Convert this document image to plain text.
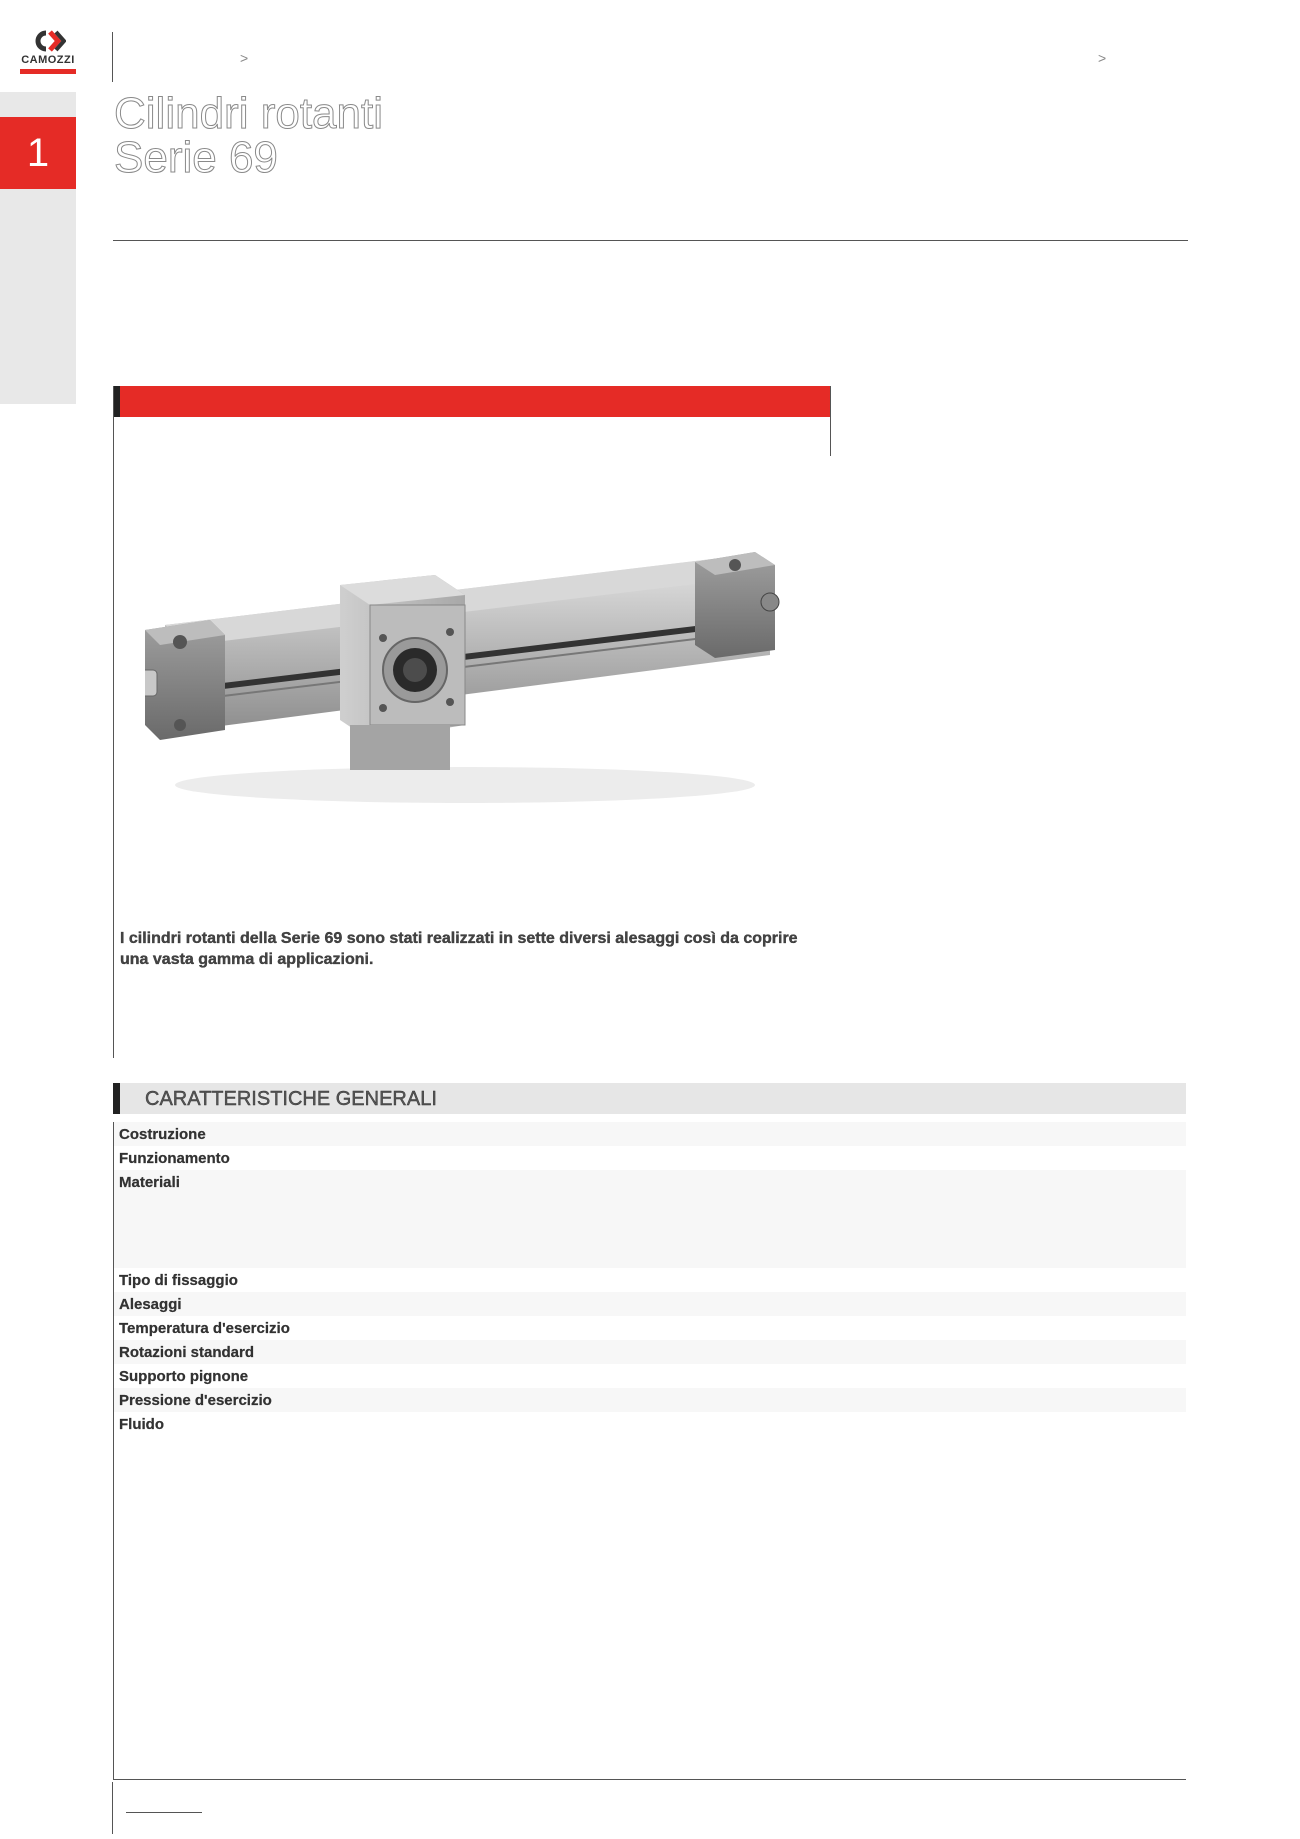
CAMOZZI
1
>	>
Cilindri rotanti
Serie 69
I cilindri rotanti della Serie 69 sono stati realizzati in sette diversi alesaggi così da coprire una vasta gamma di applicazioni.
CARATTERISTICHE GENERALI
Costruzione
Funzionamento
Materiali
Tipo di fissaggio
Alesaggi
Temperatura d'esercizio
Rotazioni standard
Supporto pignone
Pressione d'esercizio
Fluido
